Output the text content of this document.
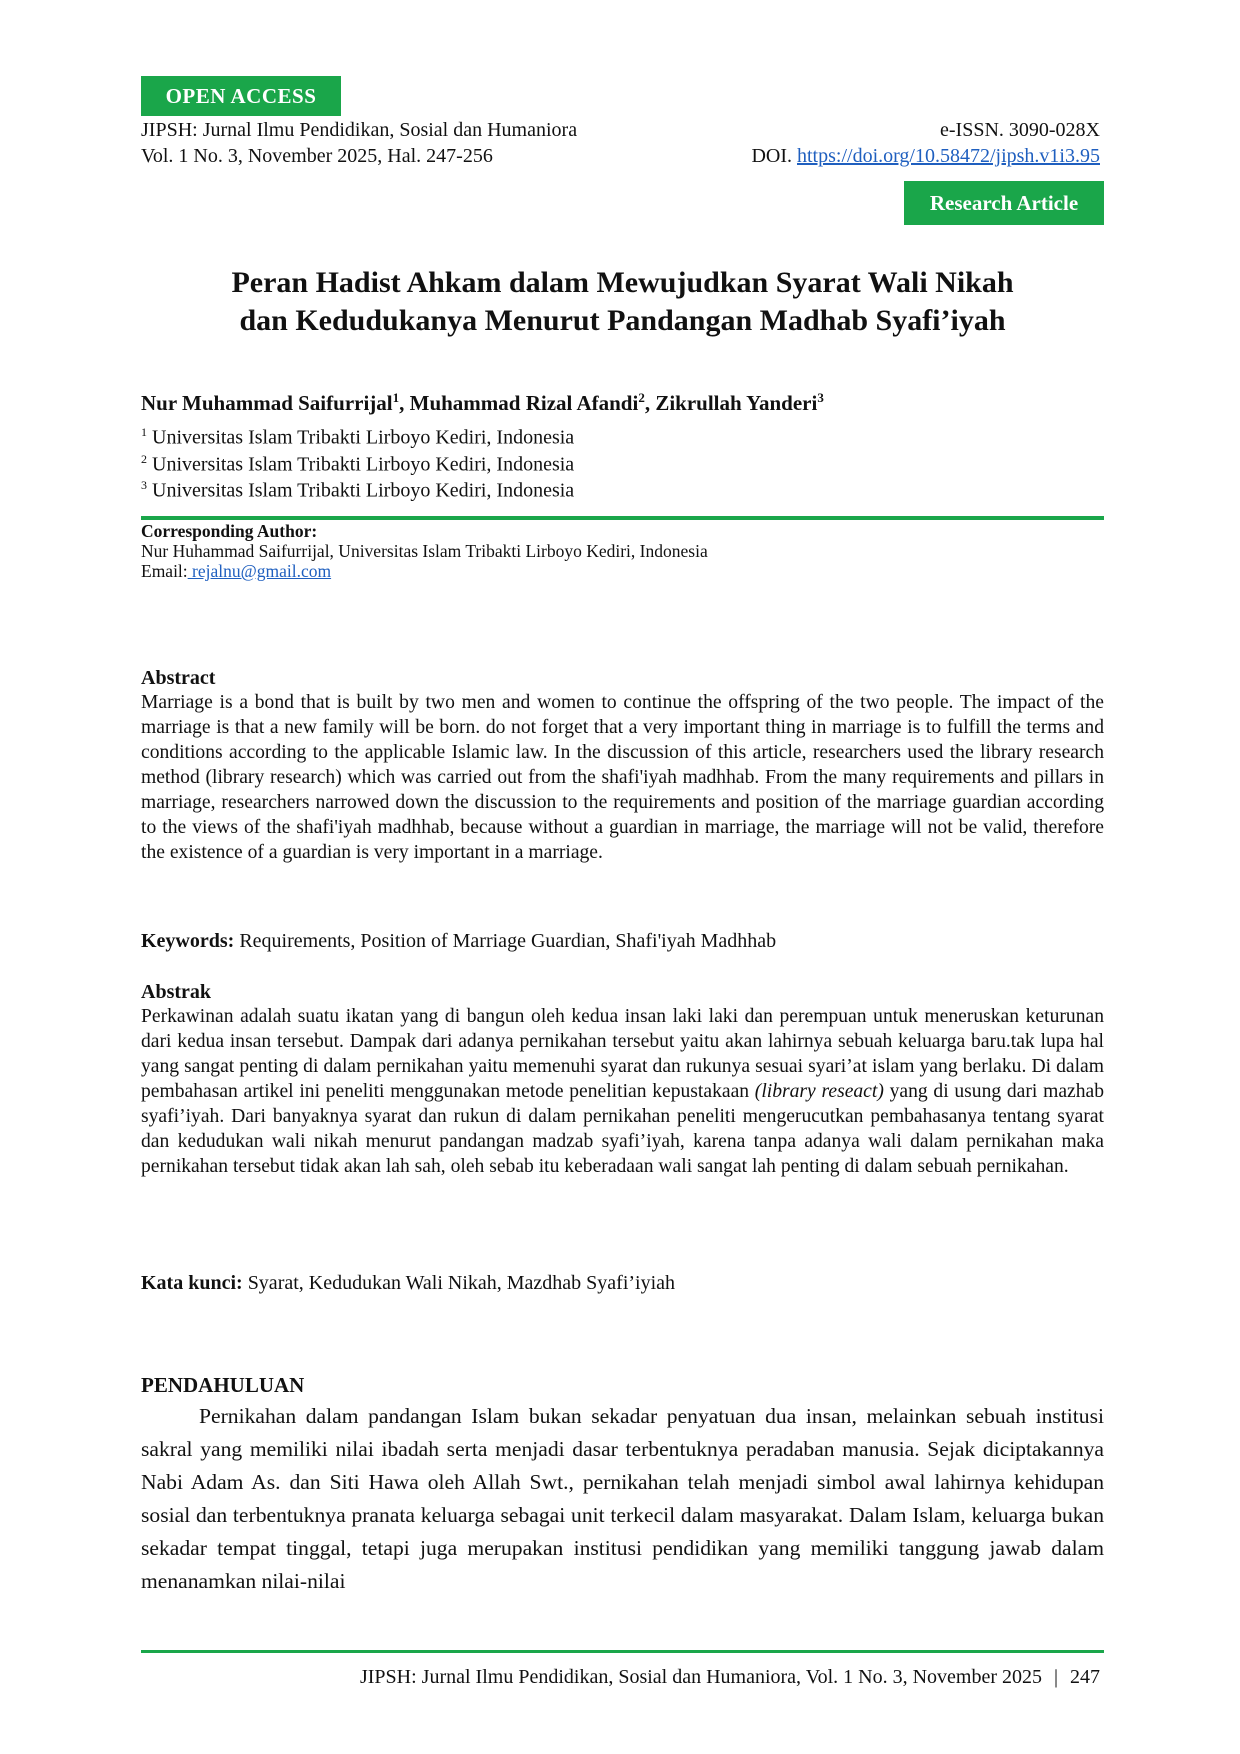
OPEN ACCESS
JIPSH: Jurnal Ilmu Pendidikan, Sosial dan Humaniora
Vol. 1 No. 3, November 2025, Hal. 247-256
e-ISSN. 3090-028X
DOI. https://doi.org/10.58472/jipsh.v1i3.95
Research Article
Peran Hadist Ahkam dalam Mewujudkan Syarat Wali Nikah
dan Kedudukanya Menurut Pandangan Madhab Syafi’iyah
Nur Muhammad Saifurrijal$^1$, Muhammad Rizal Afandi$^2$, Zikrullah Yanderi$^3$
$^1$ Universitas Islam Tribakti Lirboyo Kediri, Indonesia
$^2$ Universitas Islam Tribakti Lirboyo Kediri, Indonesia
$^3$ Universitas Islam Tribakti Lirboyo Kediri, Indonesia
Corresponding Author:
Nur Huhammad Saifurrijal, Universitas Islam Tribakti Lirboyo Kediri, Indonesia
Email: rejalnu@gmail.com
Abstract
Marriage is a bond that is built by two men and women to continue the offspring of the two people. The impact of the marriage is that a new family will be born. do not forget that a very important thing in marriage is to fulfill the terms and conditions according to the applicable Islamic law. In the discussion of this article, researchers used the library research method (library research) which was carried out from the shafi'iyah madhhab. From the many requirements and pillars in marriage, researchers narrowed down the discussion to the requirements and position of the marriage guardian according to the views of the shafi'iyah madhhab, because without a guardian in marriage, the marriage will not be valid, therefore the existence of a guardian is very important in a marriage.
Keywords: Requirements, Position of Marriage Guardian, Shafi'iyah Madhhab
Abstrak
Perkawinan adalah suatu ikatan yang di bangun oleh kedua insan laki laki dan perempuan untuk meneruskan keturunan dari kedua insan tersebut. Dampak dari adanya pernikahan tersebut yaitu akan lahirnya sebuah keluarga baru.tak lupa hal yang sangat penting di dalam pernikahan yaitu memenuhi syarat dan rukunya sesuai syari’at islam yang berlaku. Di dalam pembahasan artikel ini peneliti menggunakan metode penelitian kepustakaan (library reseact) yang di usung dari mazhab syafi’iyah. Dari banyaknya syarat dan rukun di dalam pernikahan peneliti mengerucutkan pembahasanya tentang syarat dan kedudukan wali nikah menurut pandangan madzab syafi’iyah, karena tanpa adanya wali dalam pernikahan maka pernikahan tersebut tidak akan lah sah, oleh sebab itu keberadaan wali sangat lah penting di dalam sebuah pernikahan.
Kata kunci: Syarat, Kedudukan Wali Nikah, Mazdhab Syafi’iyiah
PENDAHULUAN
Pernikahan dalam pandangan Islam bukan sekadar penyatuan dua insan, melainkan sebuah institusi sakral yang memiliki nilai ibadah serta menjadi dasar terbentuknya peradaban manusia. Sejak diciptakannya Nabi Adam As. dan Siti Hawa oleh Allah Swt., pernikahan telah menjadi simbol awal lahirnya kehidupan sosial dan terbentuknya pranata keluarga sebagai unit terkecil dalam masyarakat. Dalam Islam, keluarga bukan sekadar tempat tinggal, tetapi juga merupakan institusi pendidikan yang memiliki tanggung jawab dalam menanamkan nilai-nilai
JIPSH: Jurnal Ilmu Pendidikan, Sosial dan Humaniora, Vol. 1 No. 3, November 2025 | 247
